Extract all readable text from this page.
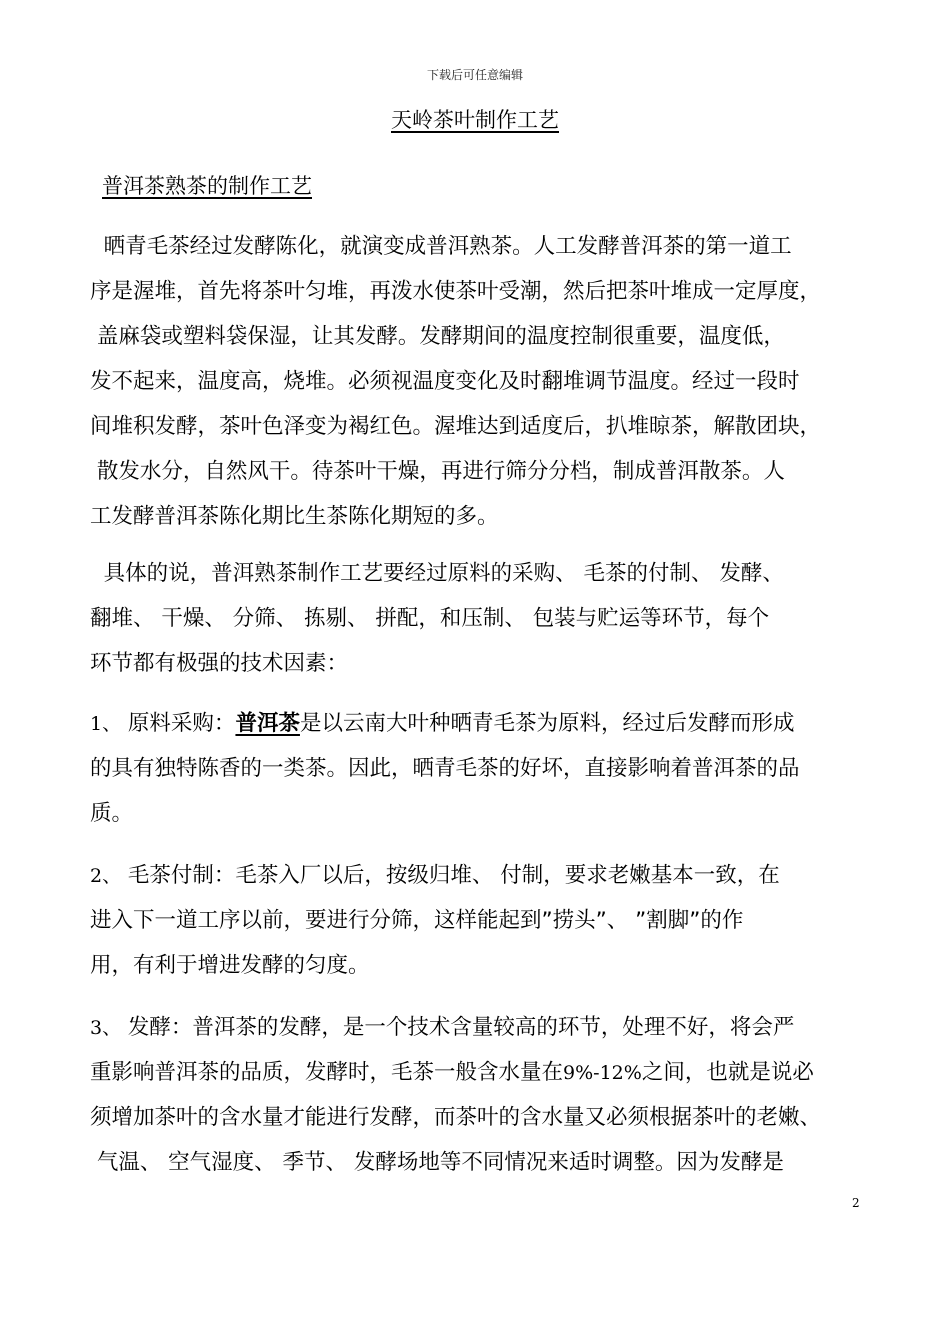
下载后可任意编辑
天岭茶叶制作工艺
普洱茶熟茶的制作工艺
晒青毛茶经过发酵陈化，就演变成普洱熟茶。人工发酵普洱茶的第一道工
序是渥堆，首先将茶叶匀堆，再泼水使茶叶受潮，然后把茶叶堆成一定厚度，
盖麻袋或塑料袋保湿，让其发酵。发酵期间的温度控制很重要，温度低，
发不起来，温度高，烧堆。必须视温度变化及时翻堆调节温度。经过一段时
间堆积发酵，茶叶色泽变为褐红色。渥堆达到适度后，扒堆晾茶，解散团块，
散发水分，自然风干。待茶叶干燥，再进行筛分分档，制成普洱散茶。人
工发酵普洱茶陈化期比生茶陈化期短的多。
具体的说，普洱熟茶制作工艺要经过原料的采购、 毛茶的付制、 发酵、
翻堆、 干燥、 分筛、 拣剔、 拼配，和压制、 包装与贮运等环节，每个
环节都有极强的技术因素：
1、 原料采购：普洱茶是以云南大叶种晒青毛茶为原料，经过后发酵而形成
的具有独特陈香的一类茶。因此，晒青毛茶的好坏，直接影响着普洱茶的品
质。
2、 毛茶付制：毛茶入厂以后，按级归堆、 付制，要求老嫩基本一致，在
进入下一道工序以前，要进行分筛，这样能起到”捞头”、 ”割脚”的作
用，有利于增进发酵的匀度。
3、 发酵：普洱茶的发酵，是一个技术含量较高的环节，处理不好，将会严
重影响普洱茶的品质，发酵时，毛茶一般含水量在9%-12%之间，也就是说必
须增加茶叶的含水量才能进行发酵，而茶叶的含水量又必须根据茶叶的老嫩、
气温、 空气湿度、 季节、 发酵场地等不同情况来适时调整。因为发酵是
2
